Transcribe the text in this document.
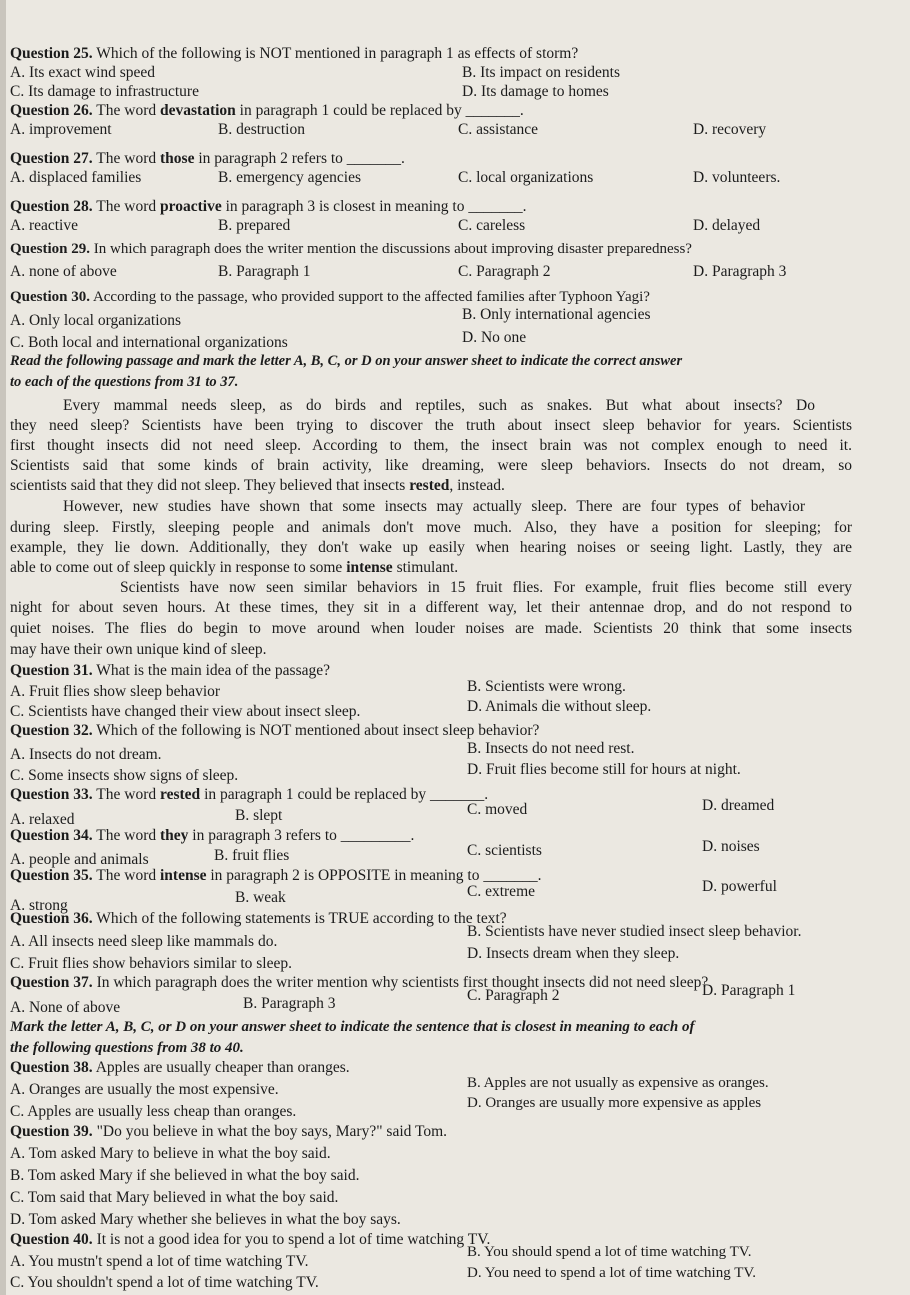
Question 25. Which of the following is NOT mentioned in paragraph 1 as effects of storm?
A. Its exact wind speed	B. Its impact on residents
C. Its damage to infrastructure	D. Its damage to homes
Question 26. The word devastation in paragraph 1 could be replaced by _______.
A. improvement	B. destruction	C. assistance	D. recovery
Question 27. The word those in paragraph 2 refers to _______.
A. displaced families	B. emergency agencies	C. local organizations	D. volunteers.
Question 28. The word proactive in paragraph 3 is closest in meaning to _______.
A. reactive	B. prepared	C. careless	D. delayed
Question 29. In which paragraph does the writer mention the discussions about improving disaster preparedness?
A. none of above	B. Paragraph 1	C. Paragraph 2	D. Paragraph 3
Question 30. According to the passage, who provided support to the affected families after Typhoon Yagi?
A. Only local organizations	B. Only international agencies
C. Both local and international organizations	D. No one
Read the following passage and mark the letter A, B, C, or D on your answer sheet to indicate the correct answer
to each of the questions from 31 to 37.
Every mammal needs sleep, as do birds and reptiles, such as snakes. But what about insects? Do
they need sleep? Scientists have been trying to discover the truth about insect sleep behavior for years. Scientists
first thought insects did not need sleep. According to them, the insect brain was not complex enough to need it.
Scientists said that some kinds of brain activity, like dreaming, were sleep behaviors. Insects do not dream, so
scientists said that they did not sleep. They believed that insects rested, instead.
However, new studies have shown that some insects may actually sleep. There are four types of behavior
during sleep. Firstly, sleeping people and animals don't move much. Also, they have a position for sleeping; for
example, they lie down. Additionally, they don't wake up easily when hearing noises or seeing light. Lastly, they are
able to come out of sleep quickly in response to some intense stimulant.
Scientists have now seen similar behaviors in 15 fruit flies. For example, fruit flies become still every
night for about seven hours. At these times, they sit in a different way, let their antennae drop, and do not respond to
quiet noises. The flies do begin to move around when louder noises are made. Scientists 20 think that some insects
may have their own unique kind of sleep.
Question 31. What is the main idea of the passage?
A. Fruit flies show sleep behavior	B. Scientists were wrong.
C. Scientists have changed their view about insect sleep.	D. Animals die without sleep.
Question 32. Which of the following is NOT mentioned about insect sleep behavior?
A. Insects do not dream.	B. Insects do not need rest.
C. Some insects show signs of sleep.	D. Fruit flies become still for hours at night.
Question 33. The word rested in paragraph 1 could be replaced by _______.
A. relaxed	B. slept	C. moved	D. dreamed
Question 34. The word they in paragraph 3 refers to _________.
A. people and animals	B. fruit flies	C. scientists	D. noises
Question 35. The word intense in paragraph 2 is OPPOSITE in meaning to _______.
A. strong	B. weak	C. extreme	D. powerful
Question 36. Which of the following statements is TRUE according to the text?
A. All insects need sleep like mammals do.
B. Scientists have never studied insect sleep behavior.
C. Fruit flies show behaviors similar to sleep.
D. Insects dream when they sleep.
Question 37. In which paragraph does the writer mention why scientists first thought insects did not need sleep?
A. None of above	B. Paragraph 3	C. Paragraph 2	D. Paragraph 1
Mark the letter A, B, C, or D on your answer sheet to indicate the sentence that is closest in meaning to each of
the following questions from 38 to 40.
Question 38. Apples are usually cheaper than oranges.
A. Oranges are usually the most expensive.	B. Apples are not usually as expensive as oranges.
C. Apples are usually less cheap than oranges.	D. Oranges are usually more expensive as apples
Question 39. "Do you believe in what the boy says, Mary?" said Tom.
A. Tom asked Mary to believe in what the boy said.
B. Tom asked Mary if she believed in what the boy said.
C. Tom said that Mary believed in what the boy said.
D. Tom asked Mary whether she believes in what the boy says.
Question 40. It is not a good idea for you to spend a lot of time watching TV.
A. You mustn't spend a lot of time watching TV.
B. You should spend a lot of time watching TV.
C. You shouldn't spend a lot of time watching TV.
D. You need to spend a lot of time watching TV.
